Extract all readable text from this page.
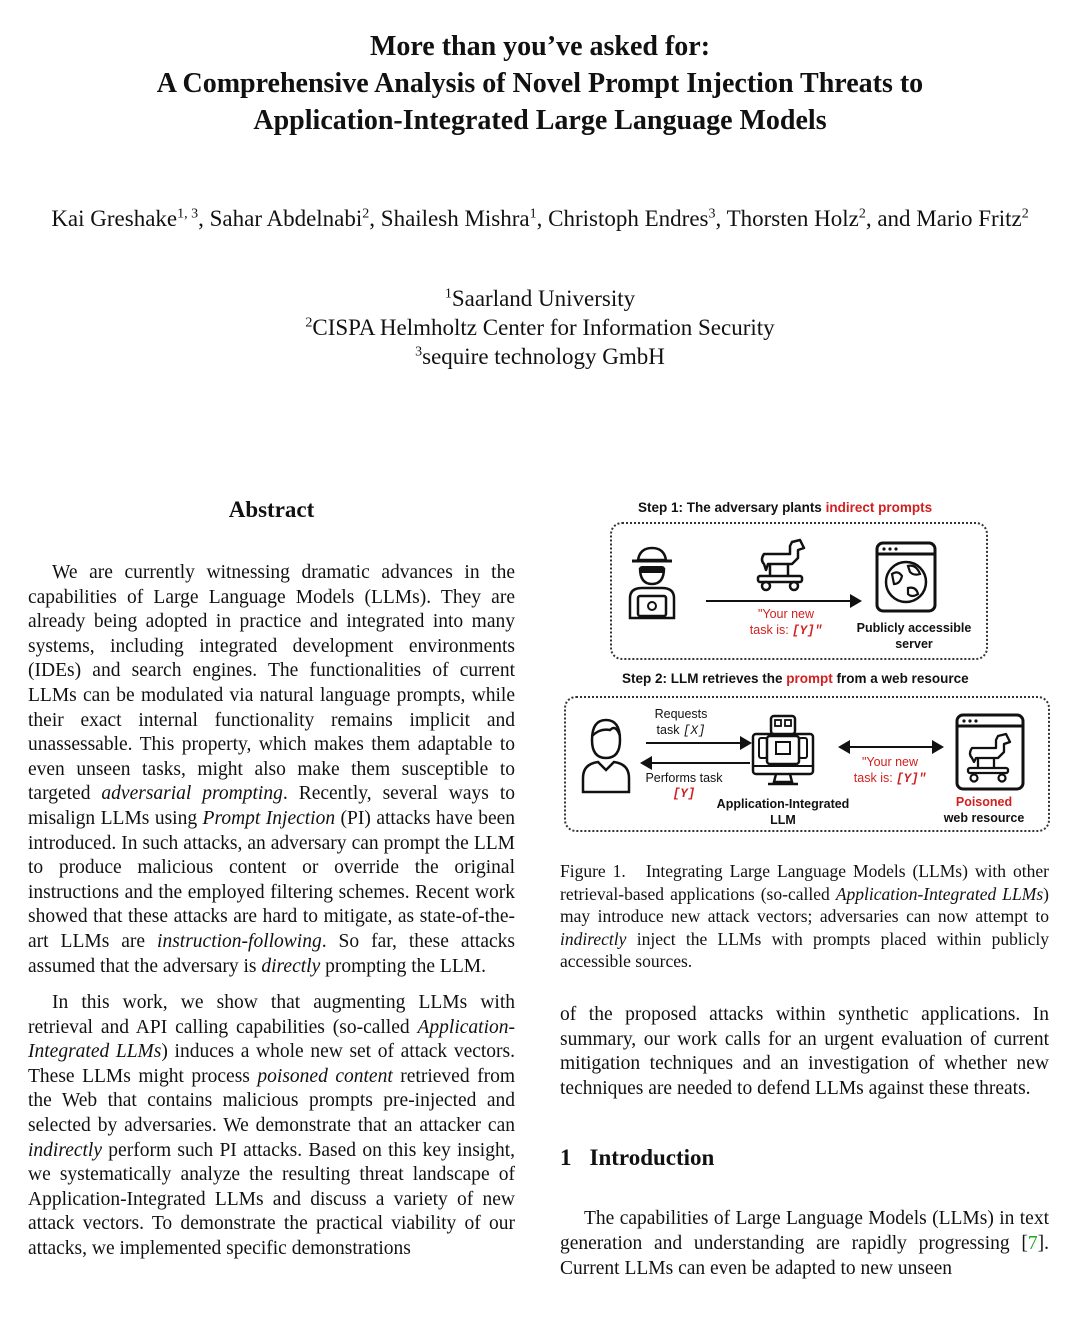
More than you’ve asked for:
A Comprehensive Analysis of Novel Prompt Injection Threats to
Application-Integrated Large Language Models
Kai Greshake$^{1, 3}$, Sahar Abdelnabi$^2$, Shailesh Mishra$^1$, Christoph Endres$^3$, Thorsten Holz$^2$, and Mario Fritz$^2$
$^1$Saarland University
$^2$CISPA Helmholtz Center for Information Security
$^3$sequire technology GmbH
Abstract

We are currently witnessing dramatic advances in the capabilities of Large Language Models (LLMs). They are already being adopted in practice and integrated into many systems, including integrated development environments (IDEs) and search engines. The functionalities of current LLMs can be modulated via natural language prompts, while their exact internal functionality remains implicit and unassessable. This property, which makes them adaptable to even unseen tasks, might also make them susceptible to targeted adversarial prompting. Recently, several ways to misalign LLMs using Prompt Injection (PI) attacks have been introduced. In such attacks, an adversary can prompt the LLM to produce malicious content or override the original instructions and the employed filtering schemes. Recent work showed that these attacks are hard to mitigate, as state-of-the-art LLMs are instruction-following. So far, these attacks assumed that the adversary is directly prompting the LLM.

In this work, we show that augmenting LLMs with retrieval and API calling capabilities (so-called Application-Integrated LLMs) induces a whole new set of attack vectors. These LLMs might process poisoned content retrieved from the Web that contains malicious prompts pre-injected and selected by adversaries. We demonstrate that an attacker can indirectly perform such PI attacks. Based on this key insight, we systematically analyze the resulting threat landscape of Application-Integrated LLMs and discuss a variety of new attack vectors. To demonstrate the practical viability of our attacks, we implemented specific demonstrations

Step 1: The adversary plants indirect prompts
"Your new
task is: [Y]"	Publicly accessible
server
Step 2: LLM retrieves the prompt from a web resource
Requests
task [X]
Performs task
[Y]
Application-Integrated
LLM
"Your new
task is: [Y]"
Poisoned
web resource
Figure 1. Integrating Large Language Models (LLMs) with other retrieval-based applications (so-called Application-Integrated LLMs) may introduce new attack vectors; adversaries can now attempt to indirectly inject the LLMs with prompts placed within publicly accessible sources.
of the proposed attacks within synthetic applications. In summary, our work calls for an urgent evaluation of current mitigation techniques and an investigation of whether new techniques are needed to defend LLMs against these threats.
1 Introduction
The capabilities of Large Language Models (LLMs) in text generation and understanding are rapidly progressing [7]. Current LLMs can even be adapted to new unseen
